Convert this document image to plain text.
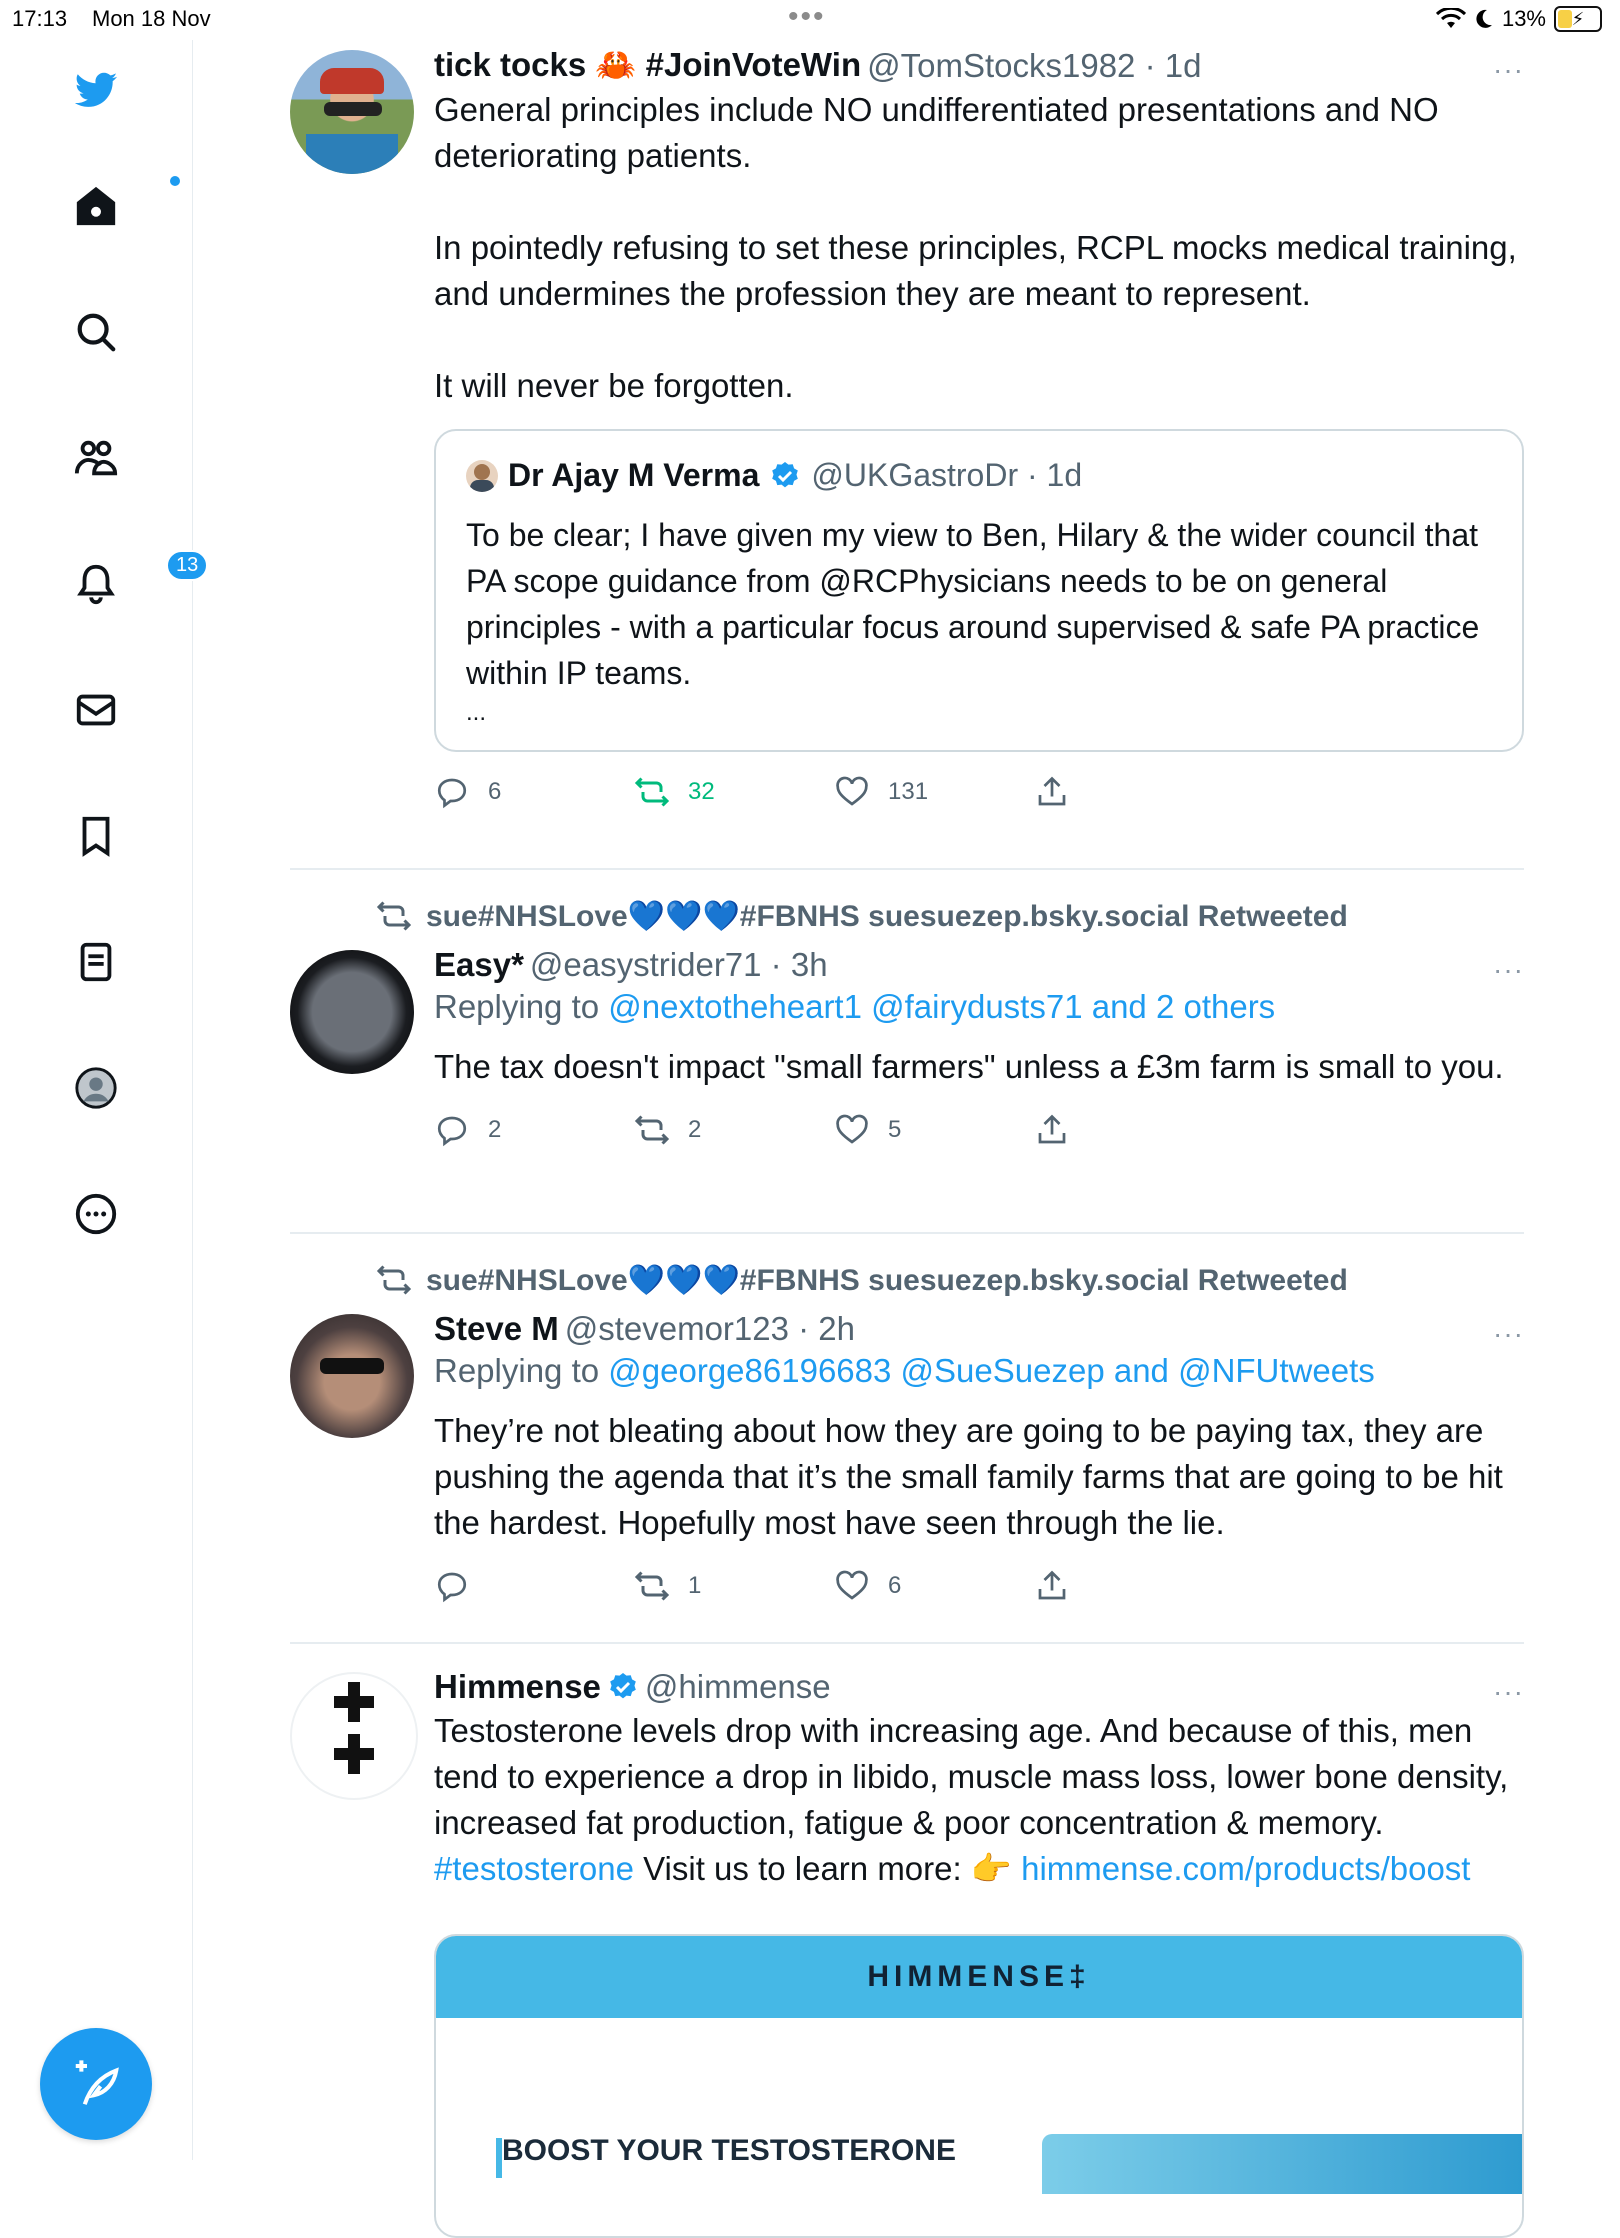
17:13 Mon 18 Nov	•••	13% ⚡
13
tick tocks 🦀 #JoinVoteWin @TomStocks1982 · 1d	···
General principles include NO undifferentiated presentations and NO deteriorating patients.
In pointedly refusing to set these principles, RCPL mocks medical training, and undermines the profession they are meant to represent.
It will never be forgotten.
Dr Ajay M Verma @UKGastroDr · 1d
To be clear; I have given my view to Ben, Hilary & the wider council that PA scope guidance from @RCPhysicians needs to be on general principles - with a particular focus around supervised & safe PA practice within IP teams.
...
6	32	131
sue#NHSLove💙💙💙#FBNHS suesuezep.bsky.social Retweeted
Easy* @easystrider71 · 3h	···
Replying to @nextotheheart1 @fairydusts71 and 2 others
The tax doesn't impact "small farmers" unless a £3m farm is small to you.
2	2	5
sue#NHSLove💙💙💙#FBNHS suesuezep.bsky.social Retweeted
Steve M @stevemor123 · 2h	···
Replying to @george86196683 @SueSuezep and @NFUtweets
They’re not bleating about how they are going to be paying tax, they are pushing the agenda that it’s the small family farms that are going to be hit the hardest. Hopefully most have seen through the lie.
1	6
Himmense @himmense	···
Testosterone levels drop with increasing age. And because of this, men tend to experience a drop in libido, muscle mass loss, lower bone density, increased fat production, fatigue & poor concentration & memory. #testosterone Visit us to learn more: 👉 himmense.com/products/boost
HIMMENSE‡
BOOST YOUR TESTOSTERONE
